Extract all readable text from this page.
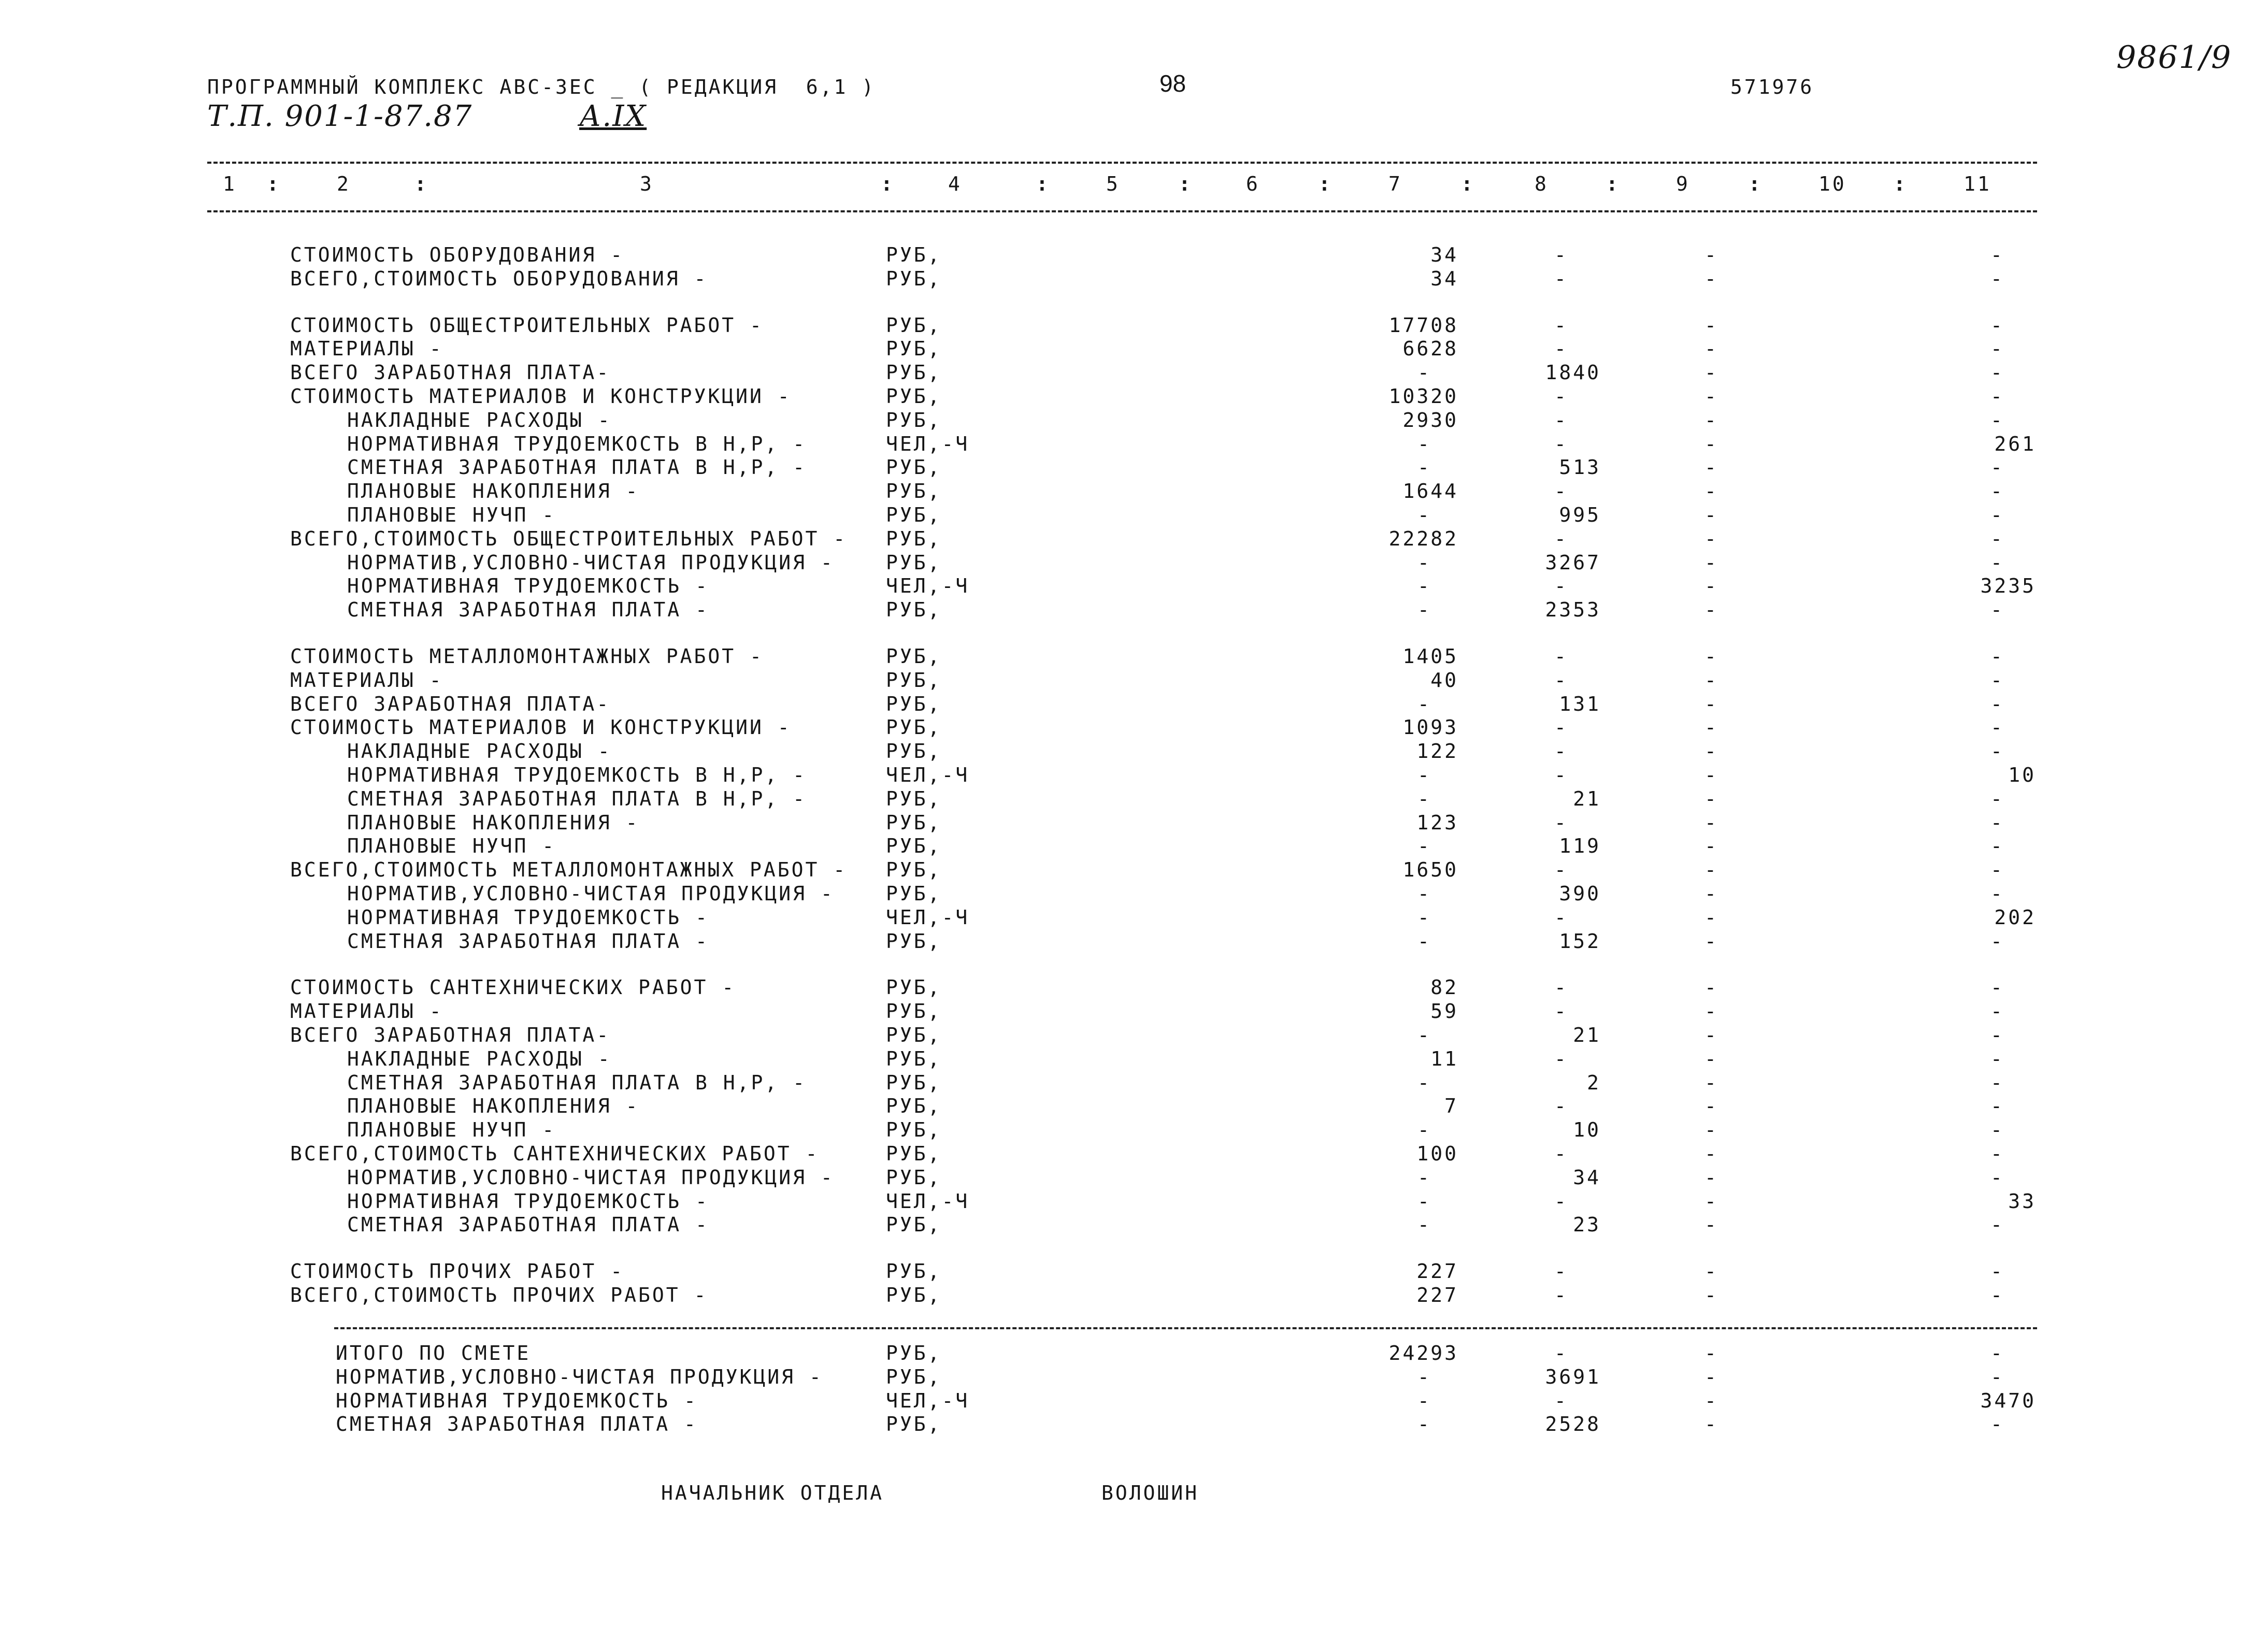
ПРОГРАММНЫЙ КОМПЛЕКС АВС-3ЕС _ ( РЕДАКЦИЯ  6,1 )	98	571976
9861/9
Т.П. 901-1-87.87	А.IX
1	2	3	4	5	6	7	8	9	10	11
:	:	:	:	:	:	:	:	:	:
СТОИМОСТЬ ОБОРУДОВАНИЯ -	РУБ,	34	-	-	-
ВСЕГО,СТОИМОСТЬ ОБОРУДОВАНИЯ -	РУБ,	34	-	-	-
СТОИМОСТЬ ОБЩЕСТРОИТЕЛЬНЫХ РАБОТ -	РУБ,	17708	-	-	-
МАТЕРИАЛЫ -	РУБ,	6628	-	-	-
ВСЕГО ЗАРАБОТНАЯ ПЛАТА-	РУБ,	-	1840	-	-
СТОИМОСТЬ МАТЕРИАЛОВ И КОНСТРУКЦИИ -	РУБ,	10320	-	-	-
НАКЛАДНЫЕ РАСХОДЫ -	РУБ,	2930	-	-	-
НОРМАТИВНАЯ ТРУДОЕМКОСТЬ В Н,Р, -	ЧЕЛ,-Ч	-	-	-	261
СМЕТНАЯ ЗАРАБОТНАЯ ПЛАТА В Н,Р, -	РУБ,	-	513	-	-
ПЛАНОВЫЕ НАКОПЛЕНИЯ -	РУБ,	1644	-	-	-
ПЛАНОВЫЕ НУЧП -	РУБ,	-	995	-	-
ВСЕГО,СТОИМОСТЬ ОБЩЕСТРОИТЕЛЬНЫХ РАБОТ - РУБ,	22282	-	-	-
НОРМАТИВ,УСЛОВНО-ЧИСТАЯ ПРОДУКЦИЯ -	РУБ,	-	3267	-	-
НОРМАТИВНАЯ ТРУДОЕМКОСТЬ -	ЧЕЛ,-Ч	-	-	-	3235
СМЕТНАЯ ЗАРАБОТНАЯ ПЛАТА -	РУБ,	-	2353	-	-
СТОИМОСТЬ МЕТАЛЛОМОНТАЖНЫХ РАБОТ -	РУБ,	1405	-	-	-
МАТЕРИАЛЫ -	РУБ,	40	-	-	-
ВСЕГО ЗАРАБОТНАЯ ПЛАТА-	РУБ,	-	131	-	-
СТОИМОСТЬ МАТЕРИАЛОВ И КОНСТРУКЦИИ -	РУБ,	1093	-	-	-
НАКЛАДНЫЕ РАСХОДЫ -	РУБ,	122	-	-	-
НОРМАТИВНАЯ ТРУДОЕМКОСТЬ В Н,Р, -	ЧЕЛ,-Ч	-	-	-	10
СМЕТНАЯ ЗАРАБОТНАЯ ПЛАТА В Н,Р, -	РУБ,	-	21	-	-
ПЛАНОВЫЕ НАКОПЛЕНИЯ -	РУБ,	123	-	-	-
ПЛАНОВЫЕ НУЧП -	РУБ,	-	119	-	-
ВСЕГО,СТОИМОСТЬ МЕТАЛЛОМОНТАЖНЫХ РАБОТ - РУБ,	1650	-	-	-
НОРМАТИВ,УСЛОВНО-ЧИСТАЯ ПРОДУКЦИЯ -	РУБ,	-	390	-	-
НОРМАТИВНАЯ ТРУДОЕМКОСТЬ -	ЧЕЛ,-Ч	-	-	-	202
СМЕТНАЯ ЗАРАБОТНАЯ ПЛАТА -	РУБ,	-	152	-	-
СТОИМОСТЬ САНТЕХНИЧЕСКИХ РАБОТ -	РУБ,	82	-	-	-
МАТЕРИАЛЫ -	РУБ,	59	-	-	-
ВСЕГО ЗАРАБОТНАЯ ПЛАТА-	РУБ,	-	21	-	-
НАКЛАДНЫЕ РАСХОДЫ -	РУБ,	11	-	-	-
СМЕТНАЯ ЗАРАБОТНАЯ ПЛАТА В Н,Р, -	РУБ,	-	2	-	-
ПЛАНОВЫЕ НАКОПЛЕНИЯ -	РУБ,	7	-	-	-
ПЛАНОВЫЕ НУЧП -	РУБ,	-	10	-	-
ВСЕГО,СТОИМОСТЬ САНТЕХНИЧЕСКИХ РАБОТ -	РУБ,	100	-	-	-
НОРМАТИВ,УСЛОВНО-ЧИСТАЯ ПРОДУКЦИЯ -	РУБ,	-	34	-	-
НОРМАТИВНАЯ ТРУДОЕМКОСТЬ -	ЧЕЛ,-Ч	-	-	-	33
СМЕТНАЯ ЗАРАБОТНАЯ ПЛАТА -	РУБ,	-	23	-	-
СТОИМОСТЬ ПРОЧИХ РАБОТ -	РУБ,	227	-	-	-
ВСЕГО,СТОИМОСТЬ ПРОЧИХ РАБОТ -	РУБ,	227	-	-	-
ИТОГО ПО СМЕТЕ	РУБ,	24293	-	-	-
НОРМАТИВ,УСЛОВНО-ЧИСТАЯ ПРОДУКЦИЯ -	РУБ,	-	3691	-	-
НОРМАТИВНАЯ ТРУДОЕМКОСТЬ -	ЧЕЛ,-Ч	-	-	-	3470
СМЕТНАЯ ЗАРАБОТНАЯ ПЛАТА -	РУБ,	-	2528	-	-
НАЧАЛЬНИК ОТДЕЛА	ВОЛОШИН
